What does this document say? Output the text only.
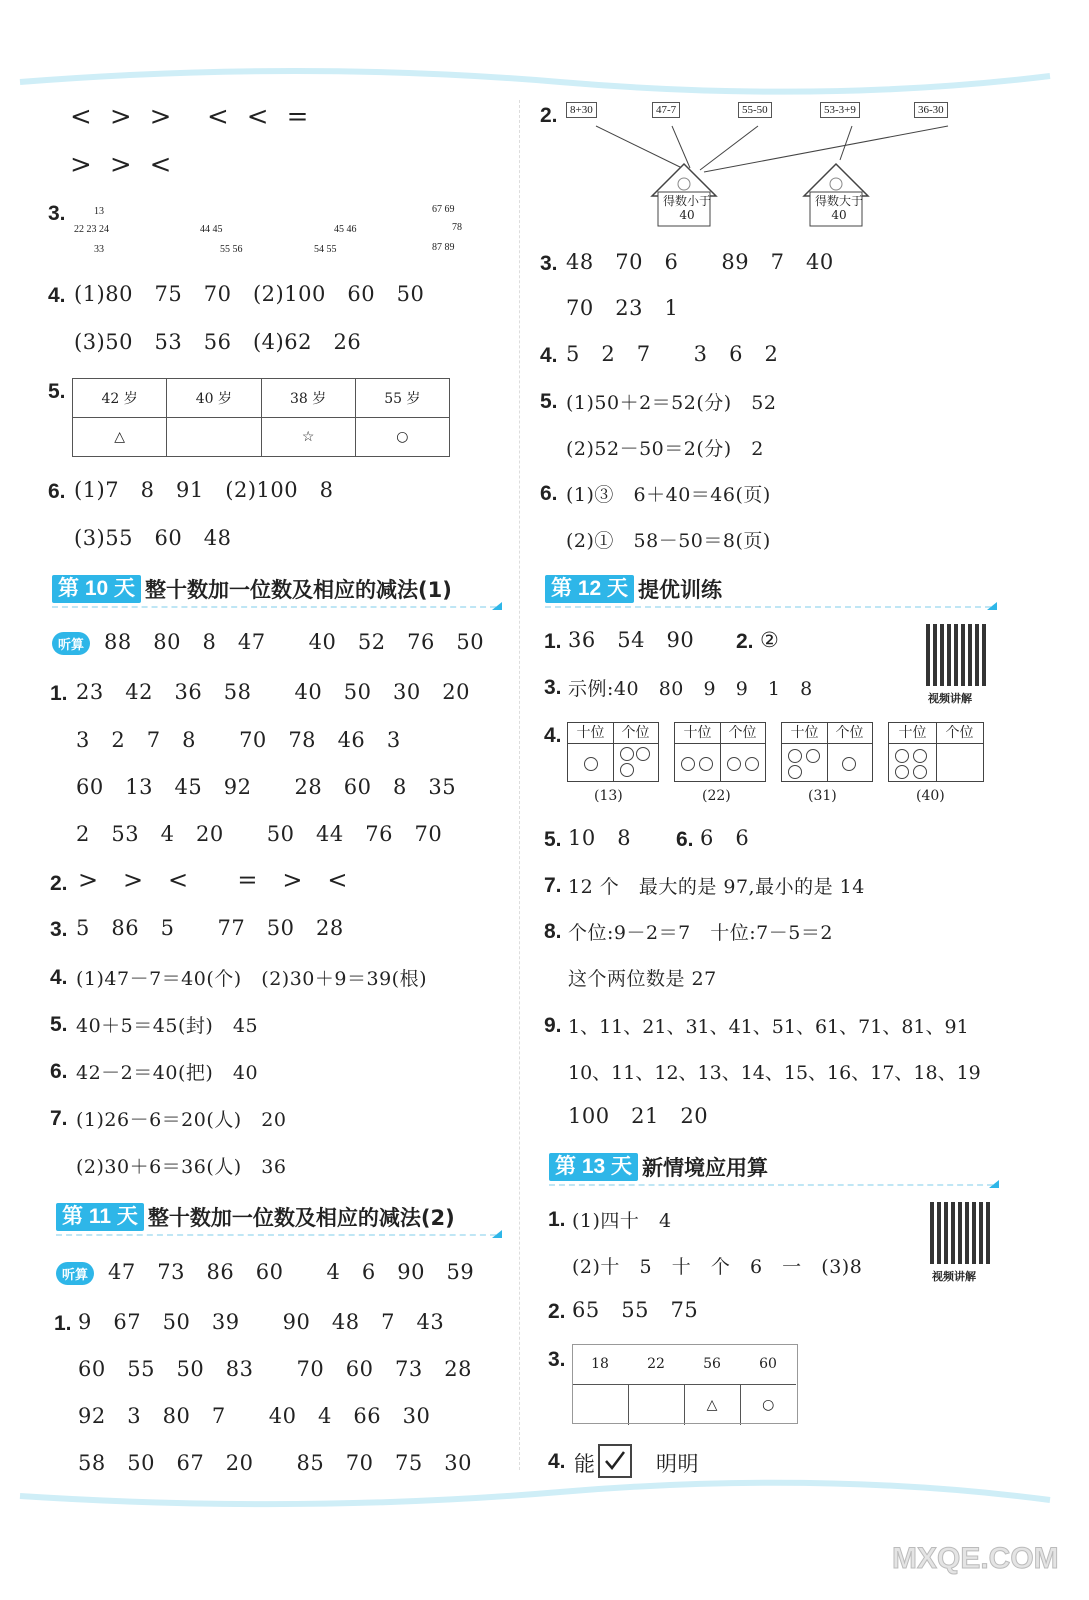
<  >  >    <  <  =
>  >  <
3.	13
22 23 24
33
44 45
55 56
45 46
54 55
67 69
78
87 89
4. (1)80   75   70   (2)100   60   50
(3)50   53   56   (4)62   26
5.	42 岁	40 岁	38 岁	55 岁
△		☆	○
6. (1)7   8   91   (2)100   8
(3)55   60   48
第 10 天 整十数加一位数及相应的减法(1)
听算 88   80   8   47      40   52   76   50
1. 23   42   36   58      40   50   30   20
3   2   7   8      70   78   46   3
60   13   45   92      28   60   8   35
2   53   4   20      50   44   76   70
2. >   >   <      =   >   <
3. 5   86   5      77   50   28
4. (1)47－7＝40(个)   (2)30＋9＝39(根)
5. 40＋5＝45(封)   45
6. 42－2＝40(把)   40
7. (1)26－6＝20(人)   20
(2)30＋6＝36(人)   36
第 11 天 整十数加一位数及相应的减法(2)
听算 47   73   86   60      4   6   90   59
1. 9   67   50   39      90   48   7   43
60   55   50   83      70   60   73   28
92   3   80   7      40   4   66   30
58   50   67   20      85   70   75   30
2.	8+30	47-7	55-50	53-3+9	36-30
得数小于40
得数大于40
3. 48   70   6      89   7   40
70   23   1
4. 5   2   7      3   6   2
5. (1)50＋2＝52(分)   52
(2)52－50＝2(分)   2
6. (1)③   6＋40＝46(页)
(2)①   58－50＝8(页)
第 12 天 提优训练
视频讲解
1. 36   54   90 2. ②
3. 示例:40   80   9   9   1   8
4.	十位	个位	十位	个位	十位	个位	十位	个位
(13)	(22)	(31)	(40)
5. 10   8 6. 6   6
7. 12 个   最大的是 97,最小的是 14
8. 个位:9－2＝7   十位:7－5＝2
这个两位数是 27
9. 1、11、21、31、41、51、61、71、81、91
10、11、12、13、14、15、16、17、18、19
100   21   20
第 13 天 新情境应用算
视频讲解
1. (1)四十   4
(2)十   5   十   个   6   一   (3)8
2. 65   55   75
3. 18	22	56	60
		△	○
4. 能	明明
MXQE.COM
